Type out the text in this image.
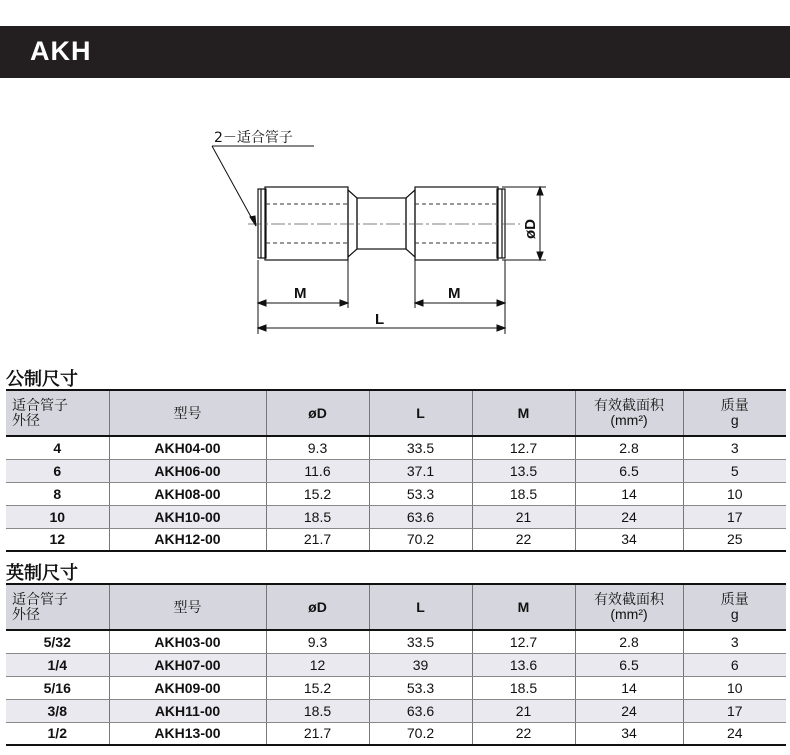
AKH
2－适合管子
øD
M	M
L
公制尺寸
适合管子
外径	型号	øD	L	M	有效截面积
(mm²)	质量
g
4	AKH04-00	9.3	33.5	12.7	2.8	3
6	AKH06-00	11.6	37.1	13.5	6.5	5
8	AKH08-00	15.2	53.3	18.5	14	10
10	AKH10-00	18.5	63.6	21	24	17
12	AKH12-00	21.7	70.2	22	34	25
英制尺寸
适合管子
外径	型号	øD	L	M	有效截面积
(mm²)	质量
g
5/32	AKH03-00	9.3	33.5	12.7	2.8	3
1/4	AKH07-00	12	39	13.6	6.5	6
5/16	AKH09-00	15.2	53.3	18.5	14	10
3/8	AKH11-00	18.5	63.6	21	24	17
1/2	AKH13-00	21.7	70.2	22	34	24
